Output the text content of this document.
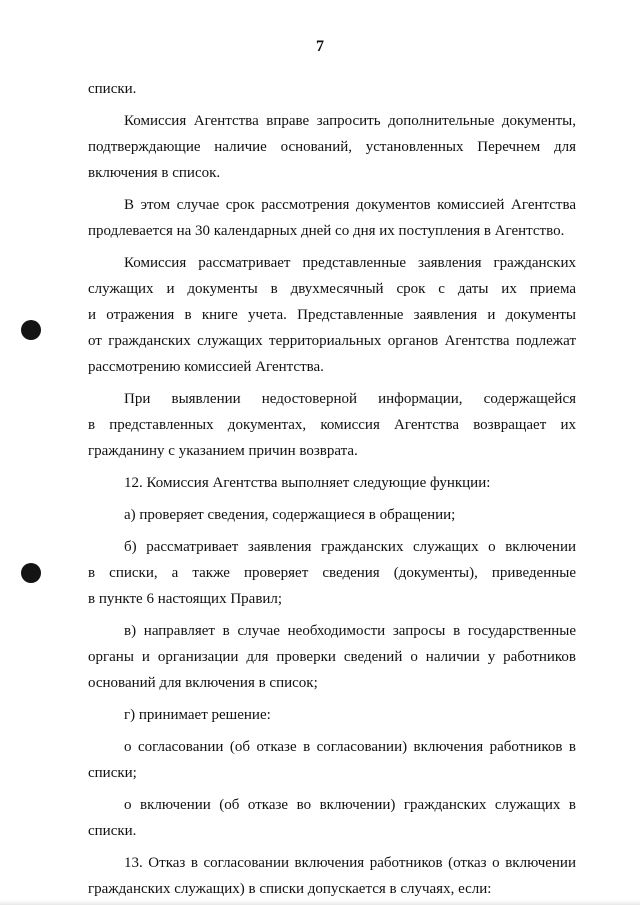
7
списки.
Комиссия Агентства вправе запросить дополнительные документы,
подтверждающие наличие оснований, установленных Перечнем для
включения в список.
В этом случае срок рассмотрения документов комиссией Агентства
продлевается на 30 календарных дней со дня их поступления в Агентство.
Комиссия рассматривает представленные заявления гражданских
служащих и документы в двухмесячный срок с даты их приема
и отражения в книге учета. Представленные заявления и документы
от гражданских служащих территориальных органов Агентства подлежат
рассмотрению комиссией Агентства.
При выявлении недостоверной информации, содержащейся
в представленных документах, комиссия Агентства возвращает их
гражданину с указанием причин возврата.
12. Комиссия Агентства выполняет следующие функции:
а) проверяет сведения, содержащиеся в обращении;
б) рассматривает заявления гражданских служащих о включении
в списки, а также проверяет сведения (документы), приведенные
в пункте 6 настоящих Правил;
в) направляет в случае необходимости запросы в государственные
органы и организации для проверки сведений о наличии у работников
оснований для включения в список;
г) принимает решение:
о согласовании (об отказе в согласовании) включения работников в
списки;
о включении (об отказе во включении) гражданских служащих в
списки.
13. Отказ в согласовании включения работников (отказ о включении
гражданских служащих) в списки допускается в случаях, если:
